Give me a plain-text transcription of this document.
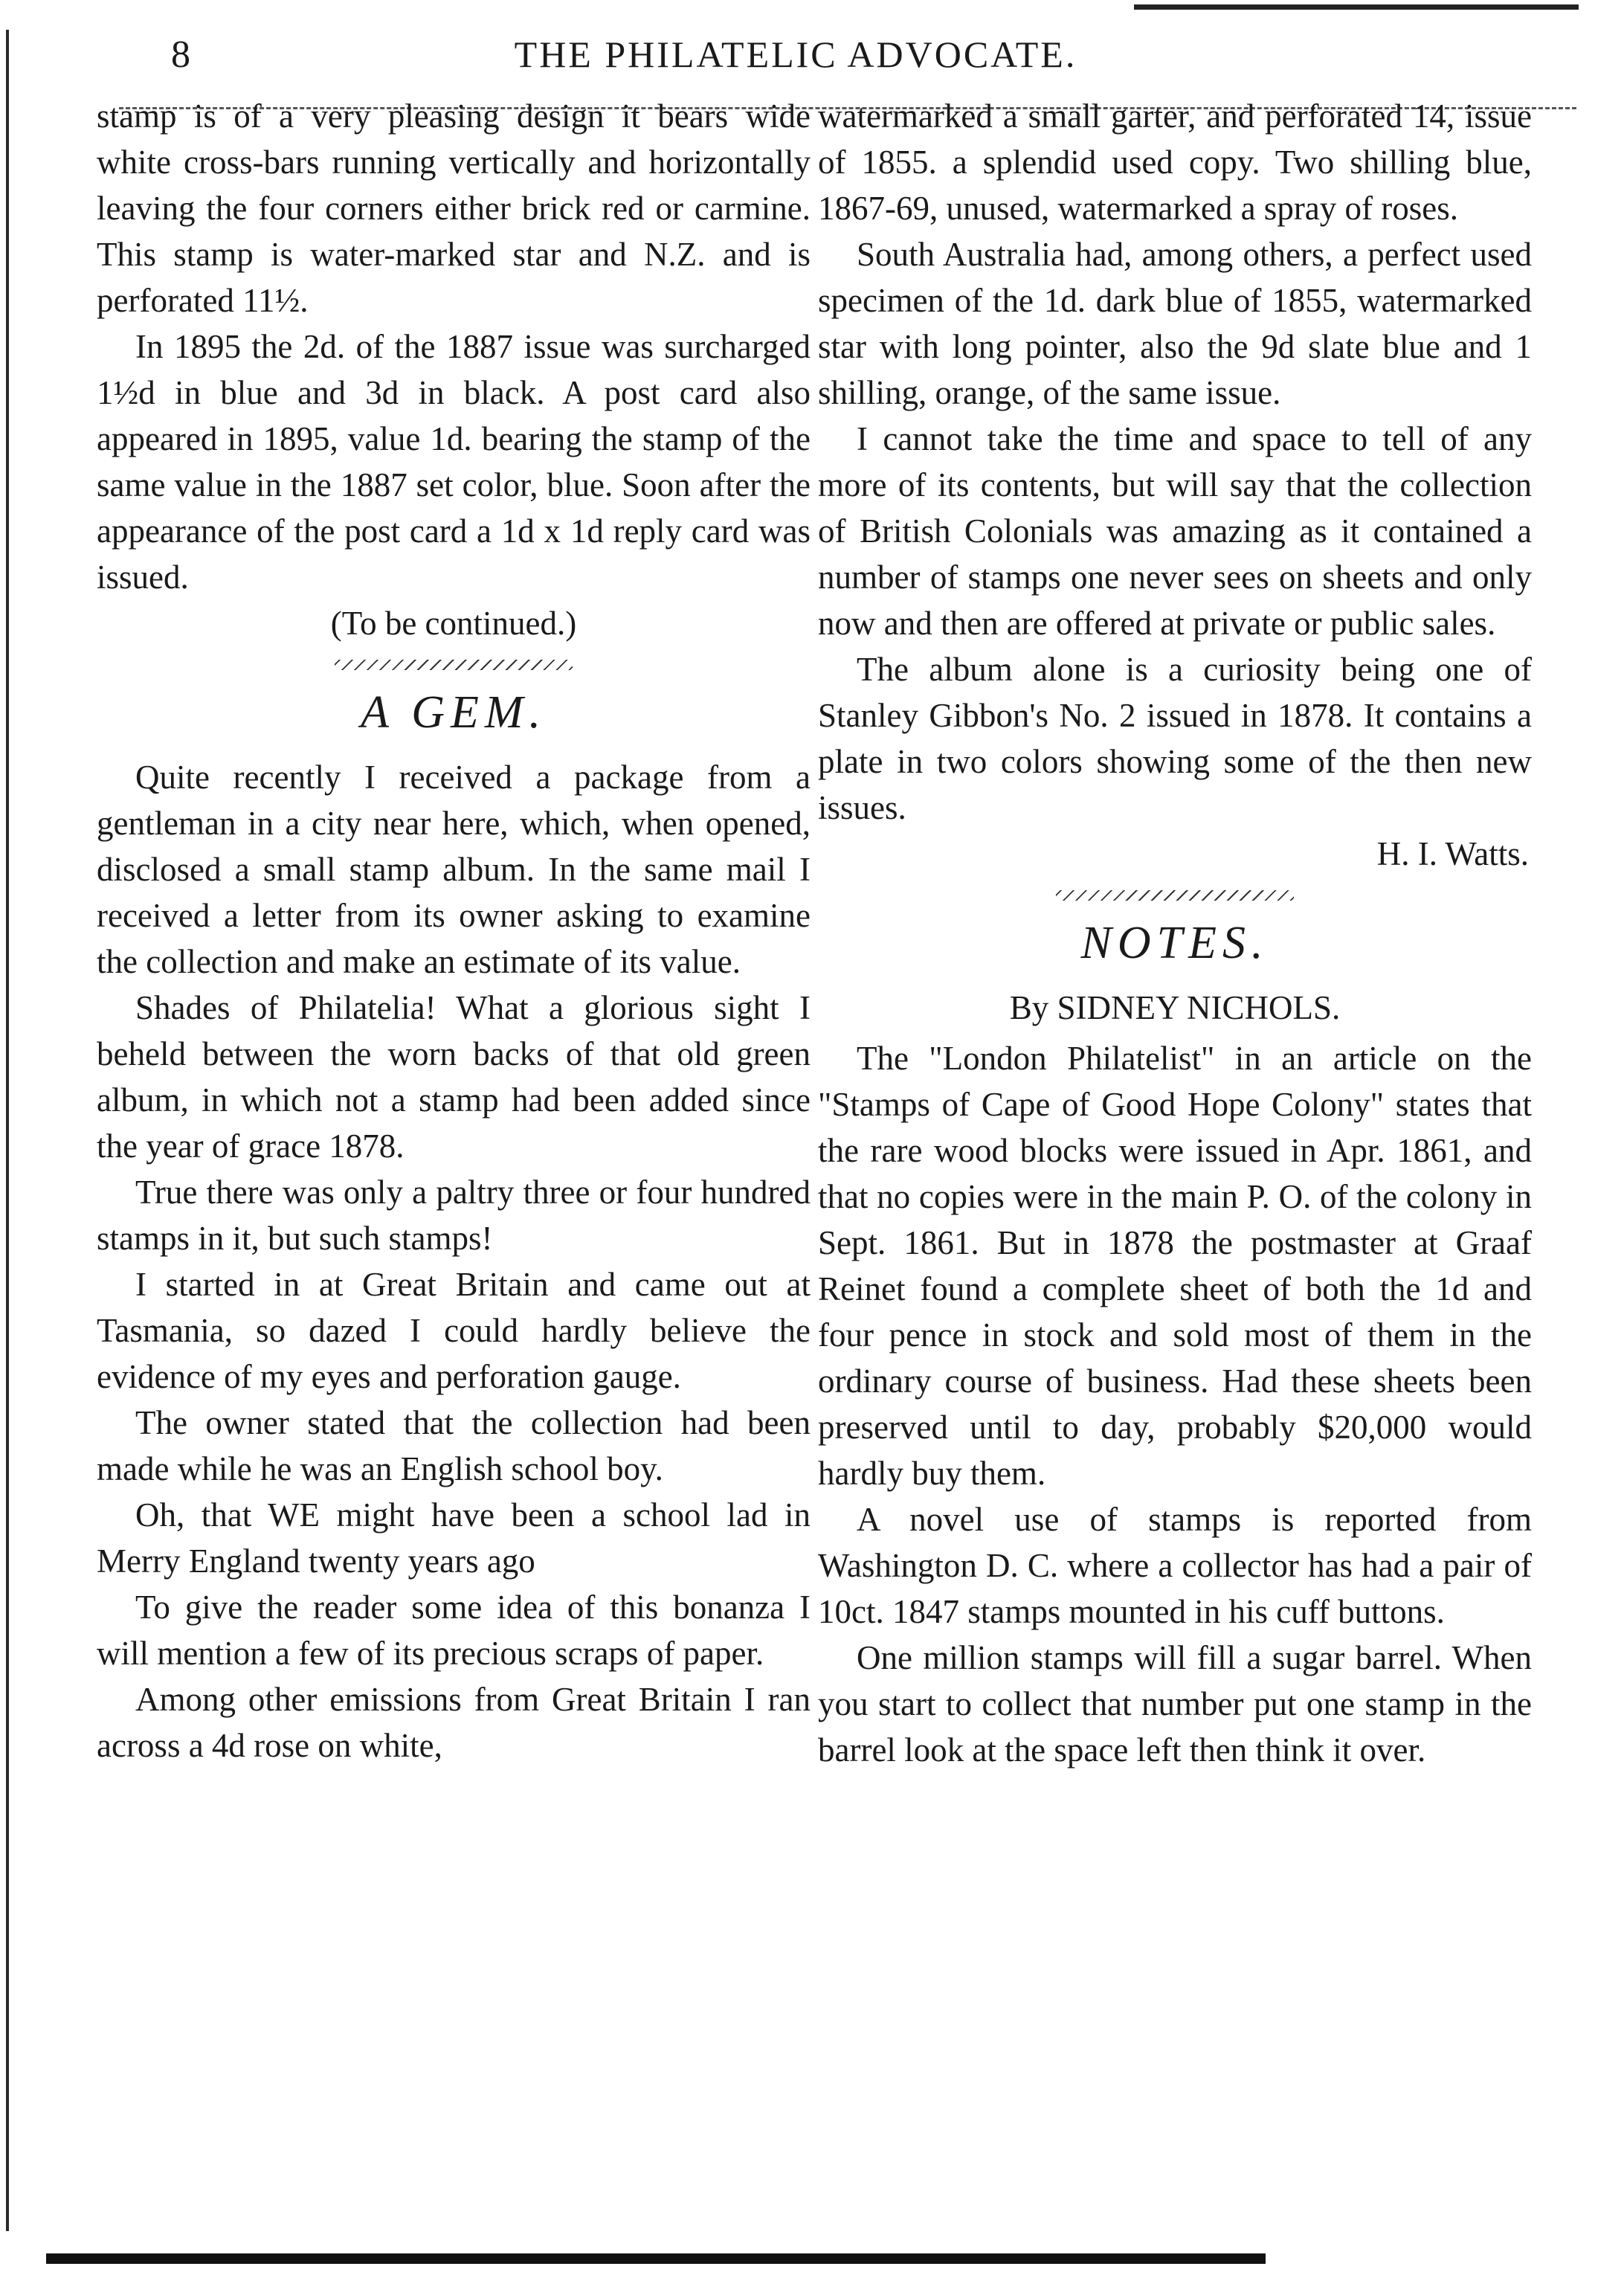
8	THE PHILATELIC ADVOCATE.

stamp is of a very pleasing design it bears wide white cross-bars running vertically and horizontally leaving the four corners either brick red or carmine. This stamp is water-marked star and N.Z. and is perforated 11½.

In 1895 the 2d. of the 1887 issue was surcharged 1½d in blue and 3d in black. A post card also appeared in 1895, value 1d. bearing the stamp of the same value in the 1887 set color, blue. Soon after the appearance of the post card a 1d x 1d reply card was issued.

(To be continued.)

A GEM.

Quite recently I received a package from a gentleman in a city near here, which, when opened, disclosed a small stamp album. In the same mail I received a letter from its owner asking to examine the collection and make an estimate of its value.

Shades of Philatelia! What a glorious sight I beheld between the worn backs of that old green album, in which not a stamp had been added since the year of grace 1878.

True there was only a paltry three or four hundred stamps in it, but such stamps!

I started in at Great Britain and came out at Tasmania, so dazed I could hardly believe the evidence of my eyes and perforation gauge.

The owner stated that the collection had been made while he was an English school boy.

Oh, that WE might have been a school lad in Merry England twenty years ago

To give the reader some idea of this bonanza I will mention a few of its precious scraps of paper.

Among other emissions from Great Britain I ran across a 4d rose on white,

watermarked a small garter, and perforated 14, issue of 1855. a splendid used copy. Two shilling blue, 1867-69, unused, watermarked a spray of roses.

South Australia had, among others, a perfect used specimen of the 1d. dark blue of 1855, watermarked star with long pointer, also the 9d slate blue and 1 shilling, orange, of the same issue.

I cannot take the time and space to tell of any more of its contents, but will say that the collection of British Colonials was amazing as it contained a number of stamps one never sees on sheets and only now and then are offered at private or public sales.

The album alone is a curiosity being one of Stanley Gibbon's No. 2 issued in 1878. It contains a plate in two colors showing some of the then new issues.

H. I. Watts.

NOTES.

By SIDNEY NICHOLS.

The "London Philatelist" in an article on the "Stamps of Cape of Good Hope Colony" states that the rare wood blocks were issued in Apr. 1861, and that no copies were in the main P. O. of the colony in Sept. 1861. But in 1878 the postmaster at Graaf Reinet found a complete sheet of both the 1d and four pence in stock and sold most of them in the ordinary course of business. Had these sheets been preserved until to day, probably $20,000 would hardly buy them.

A novel use of stamps is reported from Washington D. C. where a collector has had a pair of 10ct. 1847 stamps mounted in his cuff buttons.

One million stamps will fill a sugar barrel. When you start to collect that number put one stamp in the barrel look at the space left then think it over.
